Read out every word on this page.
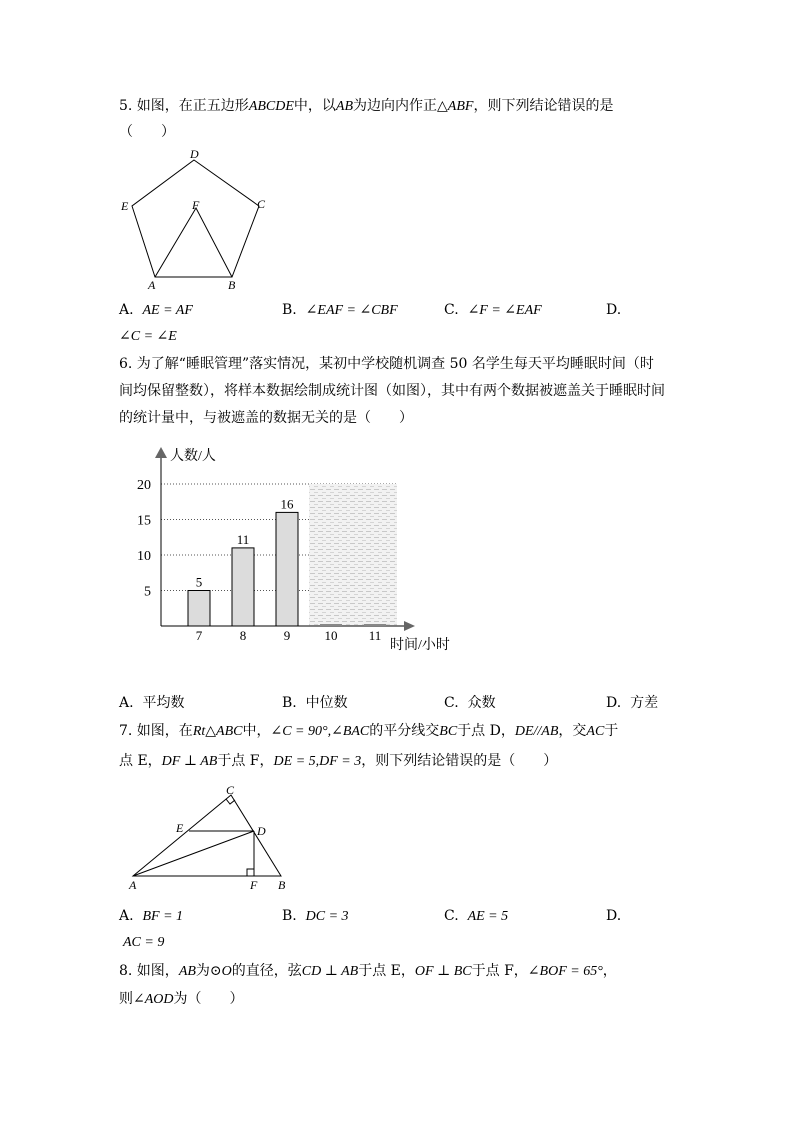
5. 如图，在正五边形ABCDE中，以AB为边向内作正△ABF，则下列结论错误的是
（　　）
D
E	F	C
A	B
A. AE = AF	B. ∠EAF = ∠CBF	C. ∠F = ∠EAF	D.
∠C = ∠E
6. 为了解“睡眠管理”落实情况，某初中学校随机调查 50 名学生每天平均睡眠时间（时
间均保留整数），将样本数据绘制成统计图（如图），其中有两个数据被遮盖关于睡眠时间
的统计量中，与被遮盖的数据无关的是（　　）
人数/人
时间/小时
5
10
15
20
5
11
16
7	8	9	10 11
A. 平均数	B. 中位数	C. 众数	D. 方差
7. 如图，在Rt△ABC中，∠C = 90°,∠BAC的平分线交BC于点 D，DE//AB，交AC于
点 E，DF ⊥ AB于点 F，DE = 5,DF = 3，则下列结论错误的是（　　）
C
E	D
A	F B
A. BF = 1	B. DC = 3	C. AE = 5	D.
AC = 9
8. 如图，AB为⊙O的直径，弦CD ⊥ AB于点 E，OF ⊥ BC于点 F，∠BOF = 65°，
则∠AOD为（　　）
